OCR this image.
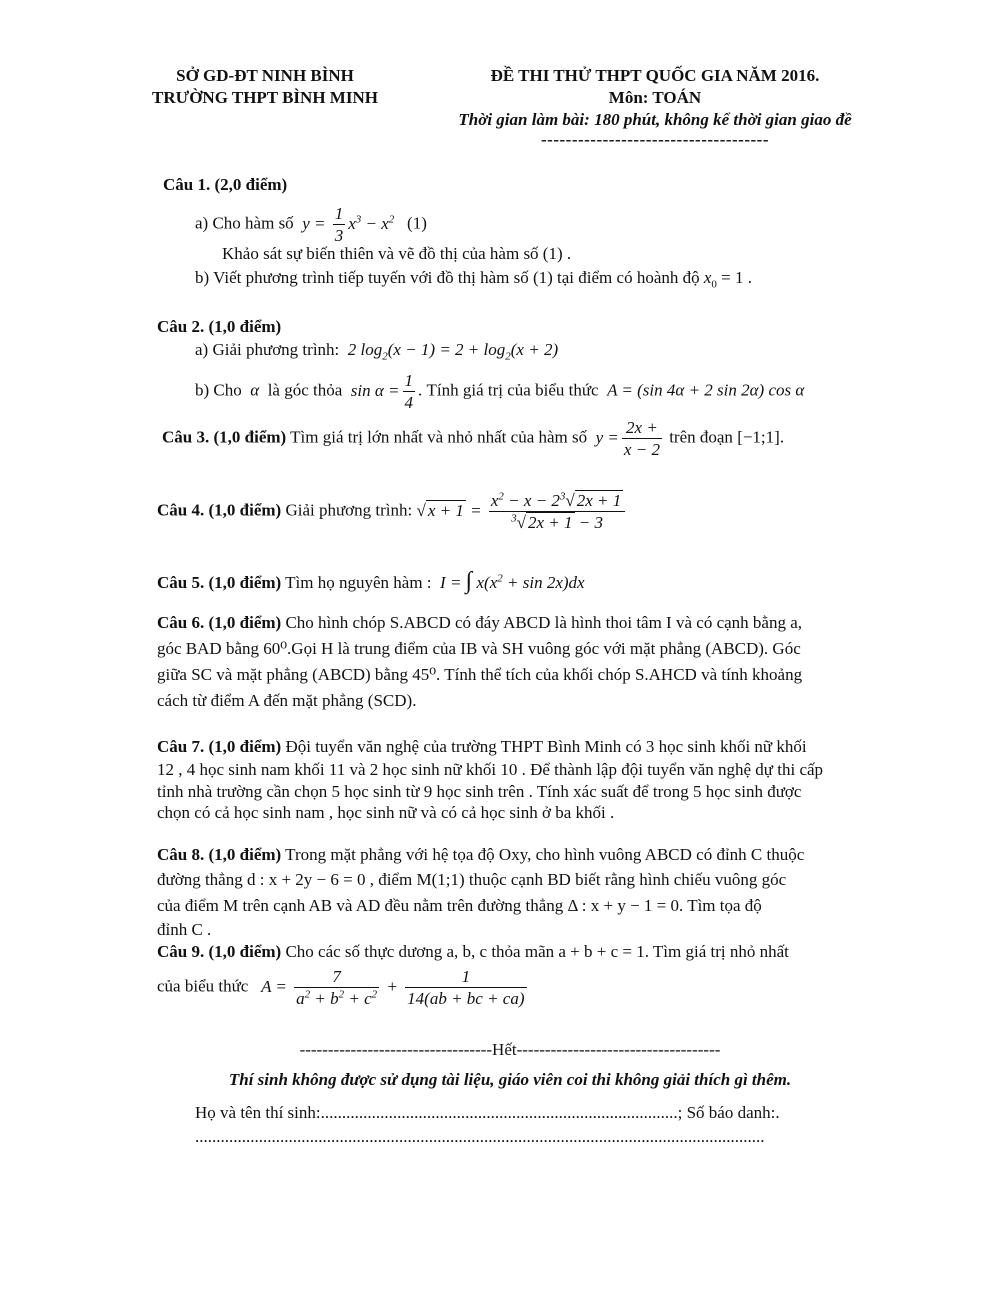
SỞ GD-ĐT NINH BÌNH
TRƯỜNG THPT BÌNH MINH
ĐỀ THI THỬ THPT QUỐC GIA NĂM 2016.
Môn: TOÁN
Thời gian làm bài: 180 phút, không kể thời gian giao đề
-------------------------------------
Câu 1. (2,0 điểm)
a) Cho hàm số  $y = \frac{1}{3} x^3 - x^2$ (1)
Khảo sát sự biến thiên và vẽ đồ thị của hàm số (1) .
b) Viết phương trình tiếp tuyến với đồ thị hàm số (1) tại điểm có hoành độ $x_0 = 1$ .
Câu 2. (1,0 điểm)
a) Giải phương trình:  2 $\log_2(x - 1) = 2 + \log_2(x + 2)$
b) Cho  α  là góc thỏa  $\sin \alpha = \frac{1}{4}$ . Tính giá trị của biểu thức  A = (sin 4α + 2 sin 2α) cos α
Câu 3. (1,0 điểm) Tìm giá trị lớn nhất và nhỏ nhất của hàm số  $y = \frac{2x +}{x - 2}$ trên đoạn [−1;1].
Câu 4. (1,0 điểm) Giải phương trình: √ $x + 1 = \frac{x^2 - x - 2^3√ 2x + 1}{^3√ 2x + 1 - 3}$
Câu 5. (1,0 điểm) Tìm họ nguyên hàm :  I = ∫ $x(x^2 + \sin 2x)dx$
Câu 6. (1,0 điểm) Cho hình chóp S.ABCD có đáy ABCD là hình thoi tâm I và có cạnh bằng a,
góc BAD bằng 60⁰.Gọi H là trung điểm của IB và SH vuông góc với mặt phẳng (ABCD). Góc
giữa SC và mặt phẳng (ABCD) bằng 45⁰. Tính thể tích của khối chóp S.AHCD và tính khoảng
cách từ điểm A đến mặt phẳng (SCD).
Câu 7. (1,0 điểm) Đội tuyển văn nghệ của trường THPT Bình Minh có 3 học sinh khối nữ khối
12 , 4 học sinh nam khối 11 và 2 học sinh nữ khối 10 . Để thành lập đội tuyển văn nghệ dự thi cấp
tỉnh nhà trường cần chọn 5 học sinh từ 9 học sinh trên . Tính xác suất để trong 5 học sinh được
chọn có cả học sinh nam , học sinh nữ và có cả học sinh ở ba khối .
Câu 8. (1,0 điểm) Trong mặt phẳng với hệ tọa độ Oxy, cho hình vuông ABCD có đỉnh C thuộc
đường thẳng d : x + 2y − 6 = 0 , điểm M(1;1) thuộc cạnh BD biết rằng hình chiếu vuông góc
của điểm M trên cạnh AB và AD đều nằm trên đường thẳng Δ : x + y − 1 = 0. Tìm tọa độ
đỉnh C .
Câu 9. (1,0 điểm) Cho các số thực dương a, b, c thỏa mãn a + b + c = 1. Tìm giá trị nhỏ nhất
của biểu thức   $A = \frac{7}{a^2 + b^2 + c^2} + \frac{1}{14(ab + bc + ca)}$
----------------------------------Hết------------------------------------
Thí sinh không được sử dụng tài liệu, giáo viên coi thi không giải thích gì thêm.
Họ và tên thí sinh:....................................................................................; Số báo danh:.
......................................................................................................................................
